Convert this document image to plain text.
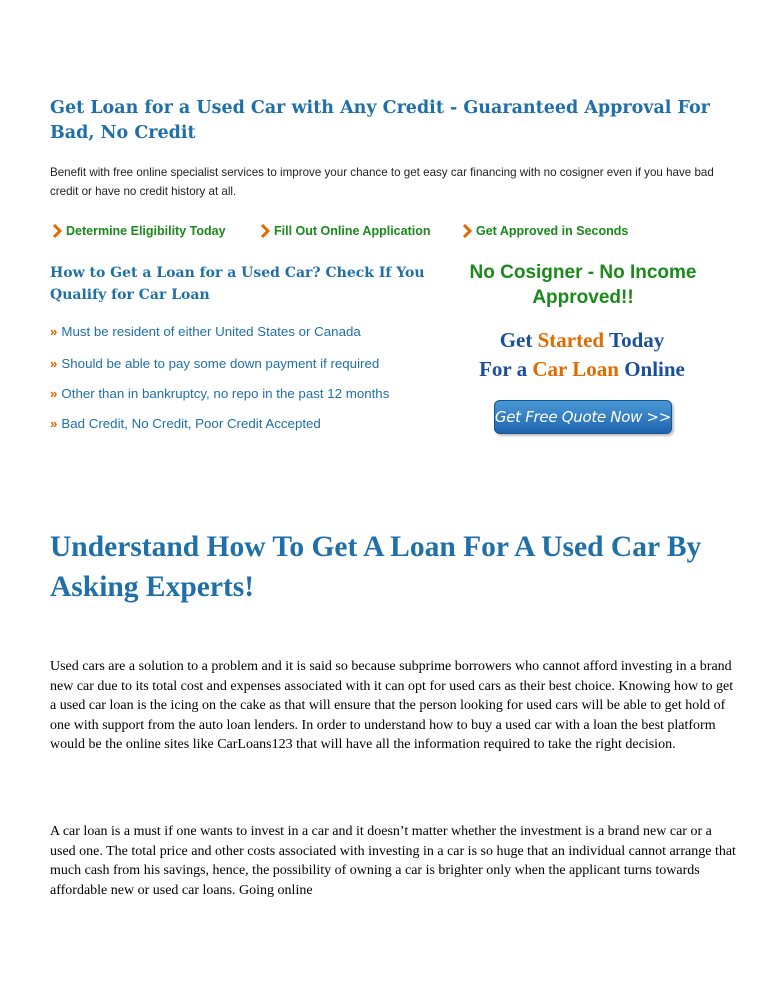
Get Loan for a Used Car with Any Credit - Guaranteed Approval For Bad, No Credit

Benefit with free online specialist services to improve your chance to get easy car financing with no cosigner even if you have bad credit or have no credit history at all.

Determine Eligibility Today	Fill Out Online Application	Get Approved in Seconds
How to Get a Loan for a Used Car? Check If You Qualify for Car Loan
» Must be resident of either United States or Canada
» Should be able to pay some down payment if required
» Other than in bankruptcy, no repo in the past 12 months
» Bad Credit, No Credit, Poor Credit Accepted

No Cosigner - No Income Approved!!

Get Started Today
For a Car Loan Online
Get Free Quote Now >>
Understand How To Get A Loan For A Used Car By Asking Experts!

Used cars are a solution to a problem and it is said so because subprime borrowers who cannot afford investing in a brand new car due to its total cost and expenses associated with it can opt for used cars as their best choice. Knowing how to get a used car loan is the icing on the cake as that will ensure that the person looking for used cars will be able to get hold of one with support from the auto loan lenders. In order to understand how to buy a used car with a loan the best platform would be the online sites like CarLoans123 that will have all the information required to take the right decision.

A car loan is a must if one wants to invest in a car and it doesn’t matter whether the investment is a brand new car or a used one. The total price and other costs associated with investing in a car is so huge that an individual cannot arrange that much cash from his savings, hence, the possibility of owning a car is brighter only when the applicant turns towards affordable new or used car loans. Going online
